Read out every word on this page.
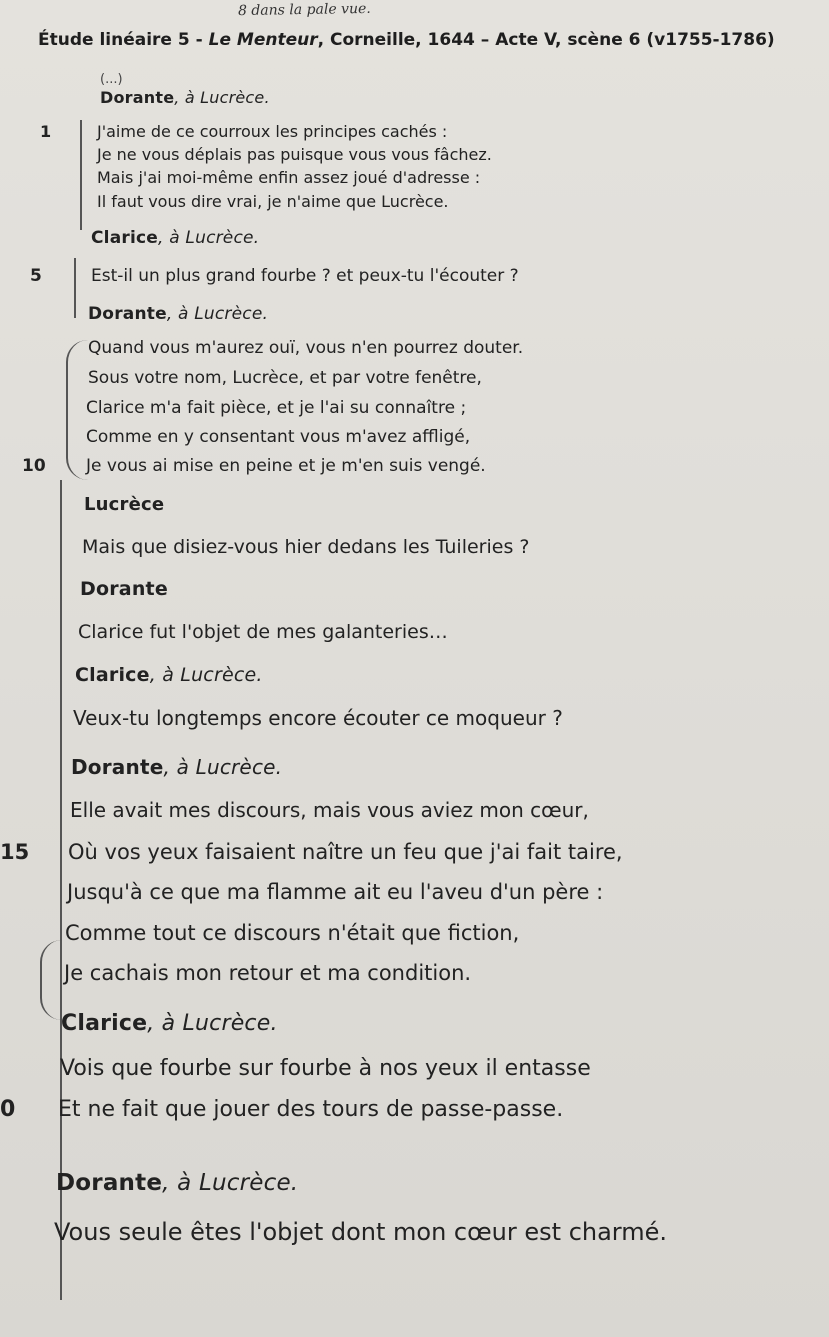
8 dans la pale vue.
Étude linéaire 5 - Le Menteur, Corneille, 1644 – Acte V, scène 6 (v1755-1786)
(...)
Dorante, à Lucrèce.
J'aime de ce courroux les principes cachés :
1
Je ne vous déplais pas puisque vous vous fâchez.
Mais j'ai moi-même enfin assez joué d'adresse :
Il faut vous dire vrai, je n'aime que Lucrèce.
Clarice, à Lucrèce.
Est-il un plus grand fourbe ? et peux-tu l'écouter ?
5
Dorante, à Lucrèce.
Quand vous m'aurez ouï, vous n'en pourrez douter.
Sous votre nom, Lucrèce, et par votre fenêtre,
Clarice m'a fait pièce, et je l'ai su connaître ;
Comme en y consentant vous m'avez affligé,
Je vous ai mise en peine et je m'en suis vengé.
10
Lucrèce
Mais que disiez-vous hier dedans les Tuileries ?
Dorante
Clarice fut l'objet de mes galanteries…
Clarice, à Lucrèce.
Veux-tu longtemps encore écouter ce moqueur ?
Dorante, à Lucrèce.
Elle avait mes discours, mais vous aviez mon cœur,
Où vos yeux faisaient naître un feu que j'ai fait taire,
15
Jusqu'à ce que ma flamme ait eu l'aveu d'un père :
Comme tout ce discours n'était que fiction,
Je cachais mon retour et ma condition.
Clarice, à Lucrèce.
Vois que fourbe sur fourbe à nos yeux il entasse
Et ne fait que jouer des tours de passe-passe.
0
Dorante, à Lucrèce.
Vous seule êtes l'objet dont mon cœur est charmé.
